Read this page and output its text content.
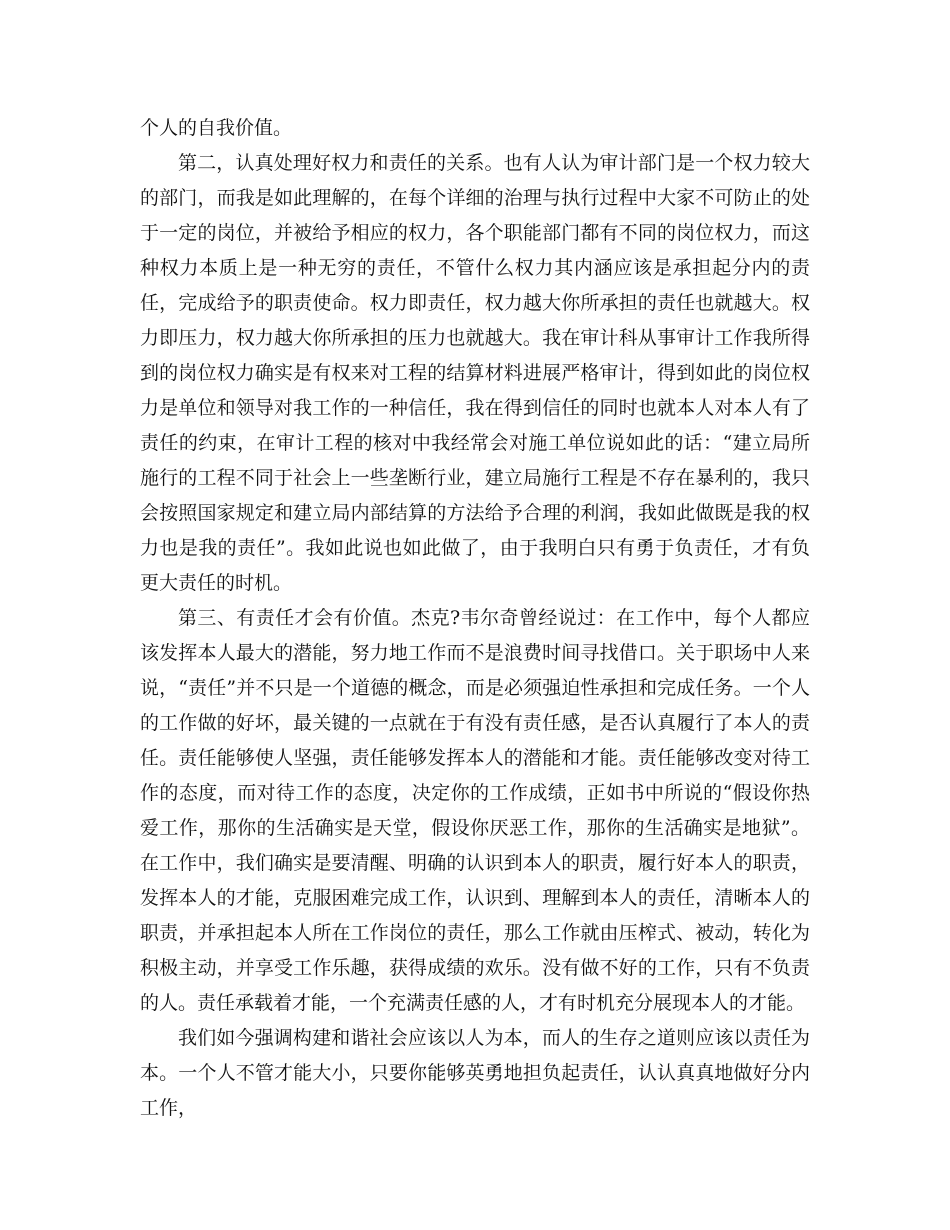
个人的自我价值。

第二，认真处理好权力和责任的关系。也有人认为审计部门是一个权力较大的部门，而我是如此理解的，在每个详细的治理与执行过程中大家不可防止的处于一定的岗位，并被给予相应的权力，各个职能部门都有不同的岗位权力，而这种权力本质上是一种无穷的责任，不管什么权力其内涵应该是承担起分内的责任，完成给予的职责使命。权力即责任，权力越大你所承担的责任也就越大。权力即压力，权力越大你所承担的压力也就越大。我在审计科从事审计工作我所得到的岗位权力确实是有权来对工程的结算材料进展严格审计，得到如此的岗位权力是单位和领导对我工作的一种信任，我在得到信任的同时也就本人对本人有了责任的约束，在审计工程的核对中我经常会对施工单位说如此的话：“建立局所施行的工程不同于社会上一些垄断行业，建立局施行工程是不存在暴利的，我只会按照国家规定和建立局内部结算的方法给予合理的利润，我如此做既是我的权力也是我的责任”。我如此说也如此做了，由于我明白只有勇于负责任，才有负更大责任的时机。

第三、有责任才会有价值。杰克?韦尔奇曾经说过：在工作中，每个人都应该发挥本人最大的潜能，努力地工作而不是浪费时间寻找借口。关于职场中人来说，“责任”并不只是一个道德的概念，而是必须强迫性承担和完成任务。一个人的工作做的好坏，最关键的一点就在于有没有责任感，是否认真履行了本人的责任。责任能够使人坚强，责任能够发挥本人的潜能和才能。责任能够改变对待工作的态度，而对待工作的态度，决定你的工作成绩，正如书中所说的“假设你热爱工作，那你的生活确实是天堂，假设你厌恶工作，那你的生活确实是地狱”。在工作中，我们确实是要清醒、明确的认识到本人的职责，履行好本人的职责，发挥本人的才能，克服困难完成工作，认识到、理解到本人的责任，清晰本人的职责，并承担起本人所在工作岗位的责任，那么工作就由压榨式、被动，转化为积极主动，并享受工作乐趣，获得成绩的欢乐。没有做不好的工作，只有不负责的人。责任承载着才能，一个充满责任感的人，才有时机充分展现本人的才能。

我们如今强调构建和谐社会应该以人为本，而人的生存之道则应该以责任为本。一个人不管才能大小，只要你能够英勇地担负起责任，认认真真地做好分内工作，
